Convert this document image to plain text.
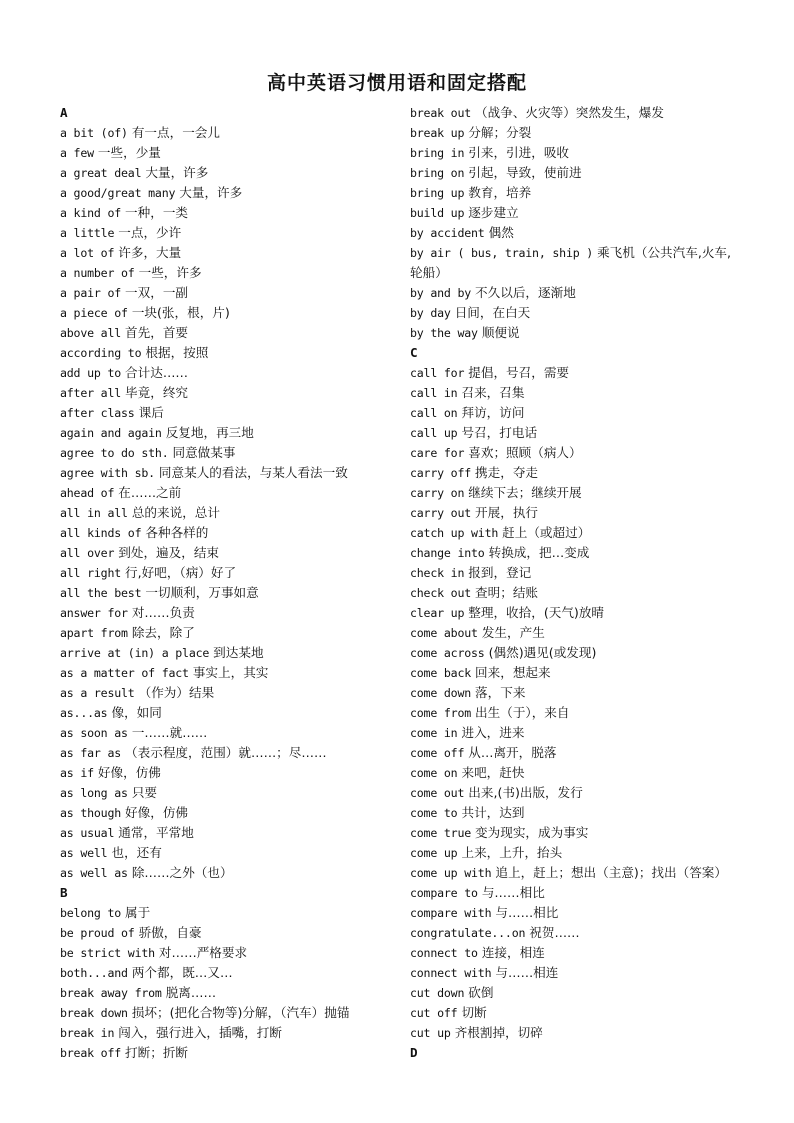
高中英语习惯用语和固定搭配
A
a bit (of) 有一点，一会儿
a few 一些，少量
a great deal 大量，许多
a good/great many 大量，许多
a kind of 一种，一类
a little 一点，少许
a lot of 许多，大量
a number of 一些，许多
a pair of 一双，一副
a piece of 一块(张，根，片)
above all 首先，首要
according to 根据，按照
add up to 合计达……
after all 毕竟，终究
after class 课后
again and again 反复地，再三地
agree to do sth. 同意做某事
agree with sb. 同意某人的看法，与某人看法一致
ahead of 在……之前
all in all 总的来说，总计
all kinds of 各种各样的
all over 到处，遍及，结束
all right 行,好吧，（病）好了
all the best 一切顺利，万事如意
answer for 对……负责
apart from 除去，除了
arrive at (in) a place 到达某地
as a matter of fact 事实上，其实
as a result （作为）结果
as...as 像，如同
as soon as 一……就……
as far as （表示程度，范围）就……；尽……
as if 好像，仿佛
as long as 只要
as though 好像，仿佛
as usual 通常，平常地
as well 也，还有
as well as 除……之外（也）
B
belong to 属于
be proud of 骄傲，自豪
be strict with 对……严格要求
both...and 两个都，既…又…
break away from 脱离……
break down 损坏；(把化合物等)分解，（汽车）抛锚
break in 闯入，强行进入，插嘴，打断
break off 打断；折断
break out （战争、火灾等）突然发生，爆发
break up 分解；分裂
bring in 引来，引进，吸收
bring on 引起，导致，使前进
bring up 教育，培养
build up 逐步建立
by accident 偶然
by air ( bus, train, ship ) 乘飞机（公共汽车,火车,
轮船）
by and by 不久以后，逐渐地
by day 日间，在白天
by the way 顺便说
C
call for 提倡，号召，需要
call in 召来，召集
call on 拜访，访问
call up 号召，打电话
care for 喜欢；照顾（病人）
carry off 携走，夺走
carry on 继续下去；继续开展
carry out 开展，执行
catch up with 赶上（或超过）
change into 转换成，把…变成
check in 报到，登记
check out 查明；结账
clear up 整理，收拾，(天气)放晴
come about 发生，产生
come across (偶然)遇见(或发现)
come back 回来，想起来
come down 落，下来
come from 出生（于），来自
come in 进入，进来
come off 从…离开，脱落
come on 来吧，赶快
come out 出来,(书)出版，发行
come to 共计，达到
come true 变为现实，成为事实
come up 上来，上升，抬头
come up with 追上，赶上；想出（主意)；找出（答案）
compare to 与……相比
compare with 与……相比
congratulate...on 祝贺……
connect to 连接，相连
connect with 与……相连
cut down 砍倒
cut off 切断
cut up 齐根割掉，切碎
D
